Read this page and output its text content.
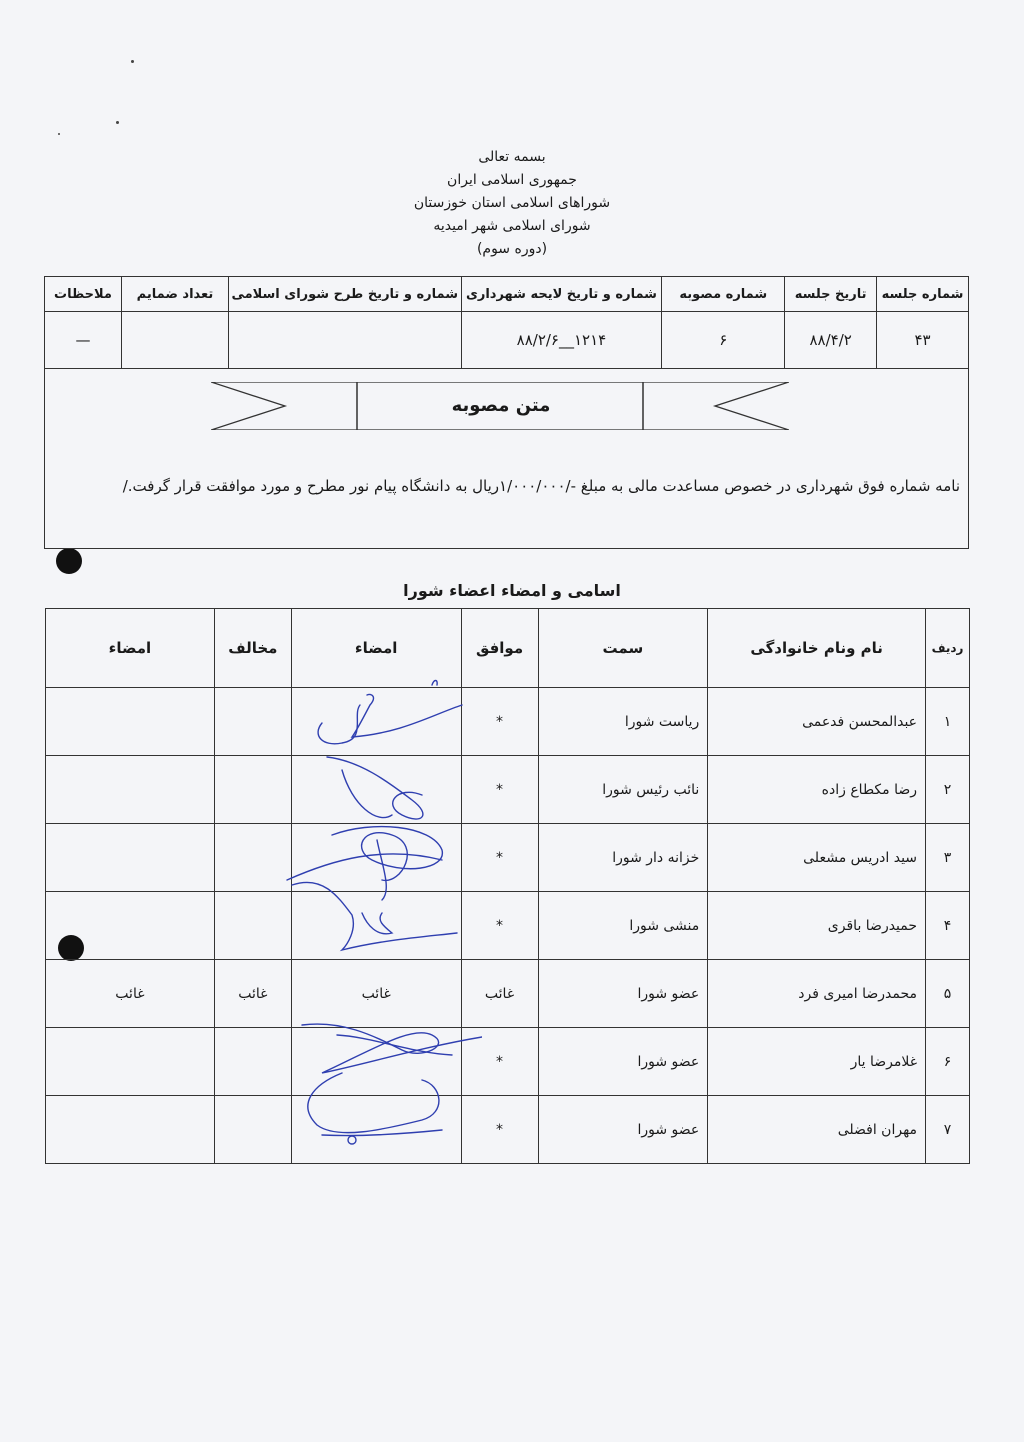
بسمه تعالی
جمهوری اسلامی ایران
شوراهای اسلامی استان خوزستان
شورای اسلامی شهر امیدیه
(دوره سوم)
شماره جلسه	تاریخ جلسه	شماره مصوبه	شماره و تاریخ لایحه شهرداری	شماره و تاریخ طرح شورای اسلامی	تعداد ضمایم	ملاحظات
۴۳	۸۸/۴/۲	۶	۱۲۱۴__۸۸/۲/۶			—
متن مصوبه
نامه شماره فوق شهرداری در خصوص مساعدت مالی به مبلغ -/۱/۰۰۰/۰۰۰ریال به دانشگاه پیام نور مطرح و مورد موافقت قرار گرفت./
اسامی و امضاء اعضاء شورا
ردیف	نام ونام خانوادگی	سمت	موافق	امضاء	مخالف	امضاء
۱	عبدالمحسن فدعمی	ریاست شورا	*			
۲	رضا مکطاع زاده	نائب رئیس شورا	*			
۳	سید ادریس مشعلی	خزانه دار شورا	*			
۴	حمیدرضا باقری	منشی شورا	*			
۵	محمدرضا امیری فرد	عضو شورا	غائب	غائب	غائب	غائب
۶	غلامرضا یار	عضو شورا	*			
۷	مهران افضلی	عضو شورا	*			
